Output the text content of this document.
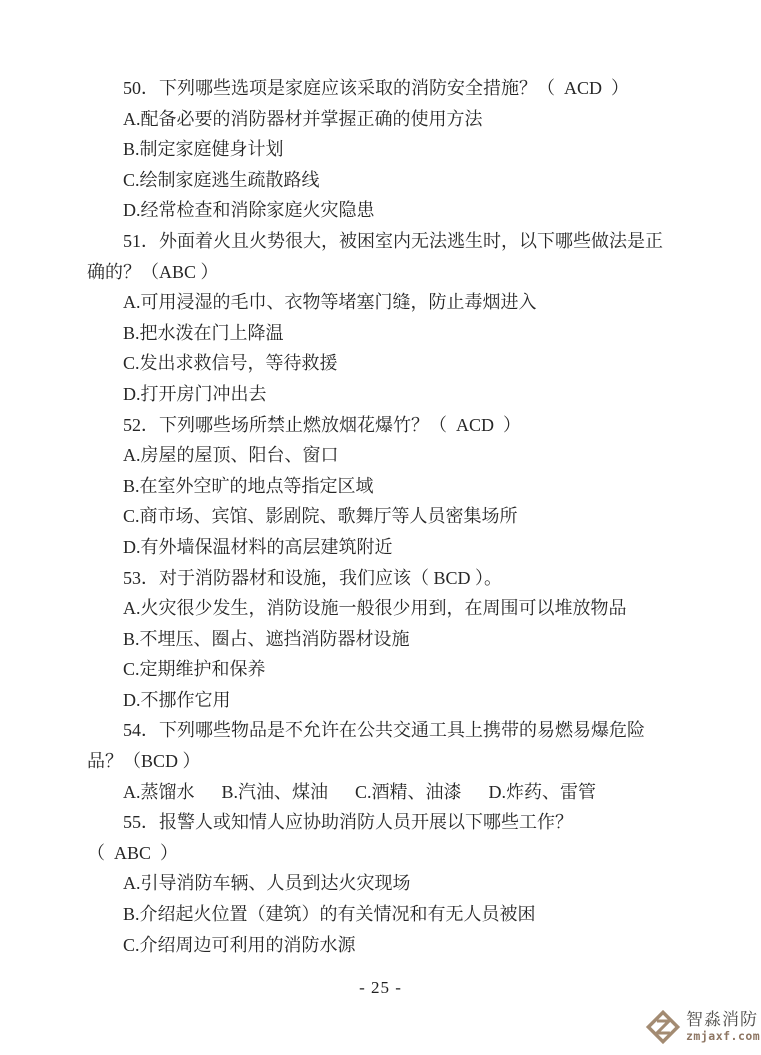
50．下列哪些选项是家庭应该采取的消防安全措施？（  ACD  ）
A.配备必要的消防器材并掌握正确的使用方法
B.制定家庭健身计划
C.绘制家庭逃生疏散路线
D.经常检查和消除家庭火灾隐患
51．外面着火且火势很大，被困室内无法逃生时，以下哪些做法是正
确的？（ABC ）
A.可用浸湿的毛巾、衣物等堵塞门缝，防止毒烟进入
B.把水泼在门上降温
C.发出求救信号，等待救援
D.打开房门冲出去
52．下列哪些场所禁止燃放烟花爆竹？（  ACD  ）
A.房屋的屋顶、阳台、窗口
B.在室外空旷的地点等指定区域
C.商市场、宾馆、影剧院、歌舞厅等人员密集场所
D.有外墙保温材料的高层建筑附近
53．对于消防器材和设施，我们应该（ BCD ）。
A.火灾很少发生，消防设施一般很少用到，在周围可以堆放物品
B.不埋压、圈占、遮挡消防器材设施
C.定期维护和保养
D.不挪作它用
54．下列哪些物品是不允许在公共交通工具上携带的易燃易爆危险
品？（BCD ）
A.蒸馏水      B.汽油、煤油      C.酒精、油漆      D.炸药、雷管
55．报警人或知情人应协助消防人员开展以下哪些工作？
（  ABC  ）
A.引导消防车辆、人员到达火灾现场
B.介绍起火位置（建筑）的有关情况和有无人员被困
C.介绍周边可利用的消防水源
- 25 -
智淼消防
zmjaxf.com
